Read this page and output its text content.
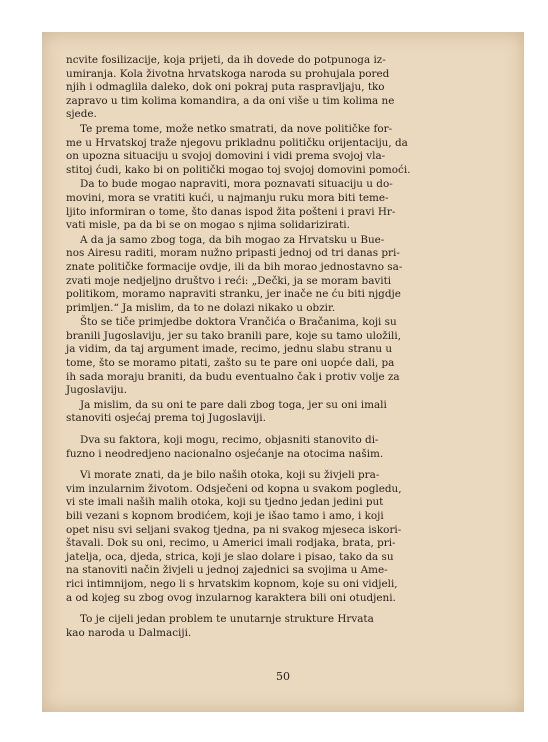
ncvite fosilizacije, koja prijeti, da ih dovede do potpunoga iz-
umiranja. Kola životna hrvatskoga naroda su prohujala pored
njih i odmaglila daleko, dok oni pokraj puta raspravljaju, tko
zapravo u tim kolima komandira, a da oni više u tim kolima ne
sjede.
Te prema tome, može netko smatrati, da nove političke for-
me u Hrvatskoj traže njegovu prikladnu političku orijentaciju, da
on upozna situaciju u svojoj domovini i vidi prema svojoj vla-
stitoj ćudi, kako bi on politički mogao toj svojoj domovini pomoći.
Da to bude mogao napraviti, mora poznavati situaciju u do-
movini, mora se vratiti kući, u najmanju ruku mora biti teme-
ljito informiran o tome, što danas ispod žita pošteni i pravi Hr-
vati misle, pa da bi se on mogao s njima solidarizirati.
A da ja samo zbog toga, da bih mogao za Hrvatsku u Bue-
nos Airesu raditi, moram nužno pripasti jednoj od tri danas pri-
znate političke formacije ovdje, ili da bih morao jednostavno sa-
zvati moje nedjeljno društvo i reći: „Dečki, ja se moram baviti
politikom, moramo napraviti stranku, jer inače ne ću biti njgdje
primljen.“ Ja mislim, da to ne dolazi nikako u obzir.
Što se tiče primjedbe doktora Vrančića o Bračanima, koji su
branili Jugoslaviju, jer su tako branili pare, koje su tamo uložili,
ja vidim, da taj argument imade, recimo, jednu slabu stranu u
tome, što se moramo pitati, zašto su te pare oni uopće dali, pa
ih sada moraju braniti, da budu eventualno čak i protiv volje za
Jugoslaviju.
Ja mislim, da su oni te pare dali zbog toga, jer su oni imali
stanoviti osjećaj prema toj Jugoslaviji.
Dva su faktora, koji mogu, recimo, objasniti stanovito di-
fuzno i neodredjeno nacionalno osjećanje na otocima našim.
Vi morate znati, da je bilo naših otoka, koji su živjeli pra-
vim inzularnim životom. Odsječeni od kopna u svakom pogledu,
vi ste imali naših malih otoka, koji su tjedno jedan jedini put
bili vezani s kopnom brodićem, koji je išao tamo i amo, i koji
opet nisu svi seljani svakog tjedna, pa ni svakog mjeseca iskori-
štavali. Dok su oni, recimo, u Americi imali rodjaka, brata, pri-
jatelja, oca, djeda, strica, koji je slao dolare i pisao, tako da su
na stanoviti način živjeli u jednoj zajednici sa svojima u Ame-
rici intimnijom, nego li s hrvatskim kopnom, koje su oni vidjeli,
a od kojeg su zbog ovog inzularnog karaktera bili oni otudjeni.
To je cijeli jedan problem te unutarnje strukture Hrvata
kao naroda u Dalmaciji.
50
